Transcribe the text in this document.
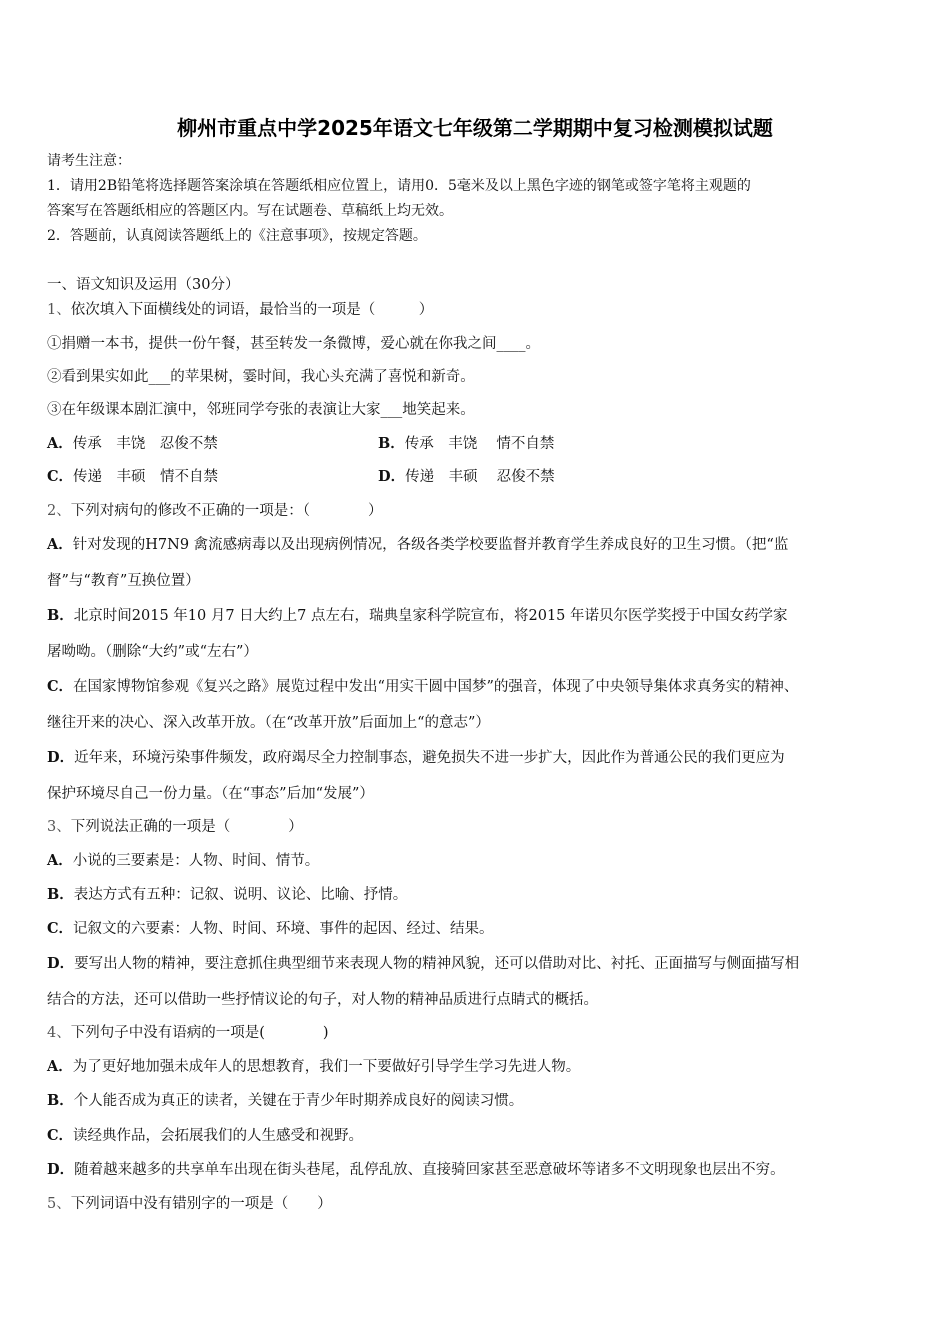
柳州市重点中学2025年语文七年级第二学期期中复习检测模拟试题
请考生注意：
1．请用2B铅笔将选择题答案涂填在答题纸相应位置上，请用0．5毫米及以上黑色字迹的钢笔或签字笔将主观题的
答案写在答题纸相应的答题区内。写在试题卷、草稿纸上均无效。
2．答题前，认真阅读答题纸上的《注意事项》，按规定答题。
一、语文知识及运用（30分）
1、依次填入下面横线处的词语，最恰当的一项是（　　　）
①捐赠一本书，提供一份午餐，甚至转发一条微博，爱心就在你我之间____。
②看到果实如此___的苹果树，霎时间，我心头充满了喜悦和新奇。
③在年级课本剧汇演中，邻班同学夸张的表演让大家___地笑起来。
A．传承　丰饶　忍俊不禁	B．传承　丰饶　 情不自禁
C．传递　丰硕　情不自禁	D．传递　丰硕　 忍俊不禁
2、下列对病句的修改不正确的一项是：（　　　　）
A．针对发现的H7N9 禽流感病毒以及出现病例情况，各级各类学校要监督并教育学生养成良好的卫生习惯。（把“监
督”与“教育”互换位置）
B．北京时间2015 年10 月7 日大约上7 点左右，瑞典皇家科学院宣布，将2015 年诺贝尔医学奖授于中国女药学家
屠呦呦。（删除“大约”或“左右”）
C．在国家博物馆参观《复兴之路》展览过程中发出“用实干圆中国梦”的强音，体现了中央领导集体求真务实的精神、
继往开来的决心、深入改革开放。（在“改革开放”后面加上“的意志”）
D．近年来，环境污染事件频发，政府竭尽全力控制事态，避免损失不进一步扩大，因此作为普通公民的我们更应为
保护环境尽自己一份力量。（在“事态”后加“发展”）
3、下列说法正确的一项是（　　　　）
A．小说的三要素是：人物、时间、情节。
B．表达方式有五种：记叙、说明、议论、比喻、抒情。
C．记叙文的六要素：人物、时间、环境、事件的起因、经过、结果。
D．要写出人物的精神，要注意抓住典型细节来表现人物的精神风貌，还可以借助对比、衬托、正面描写与侧面描写相
结合的方法，还可以借助一些抒情议论的句子，对人物的精神品质进行点睛式的概括。
4、下列句子中没有语病的一项是(　　　　)
A．为了更好地加强未成年人的思想教育，我们一下要做好引导学生学习先进人物。
B．个人能否成为真正的读者，关键在于青少年时期养成良好的阅读习惯。
C．读经典作品，会拓展我们的人生感受和视野。
D．随着越来越多的共享单车出现在街头巷尾，乱停乱放、直接骑回家甚至恶意破坏等诸多不文明现象也层出不穷。
5、下列词语中没有错别字的一项是（　　）
